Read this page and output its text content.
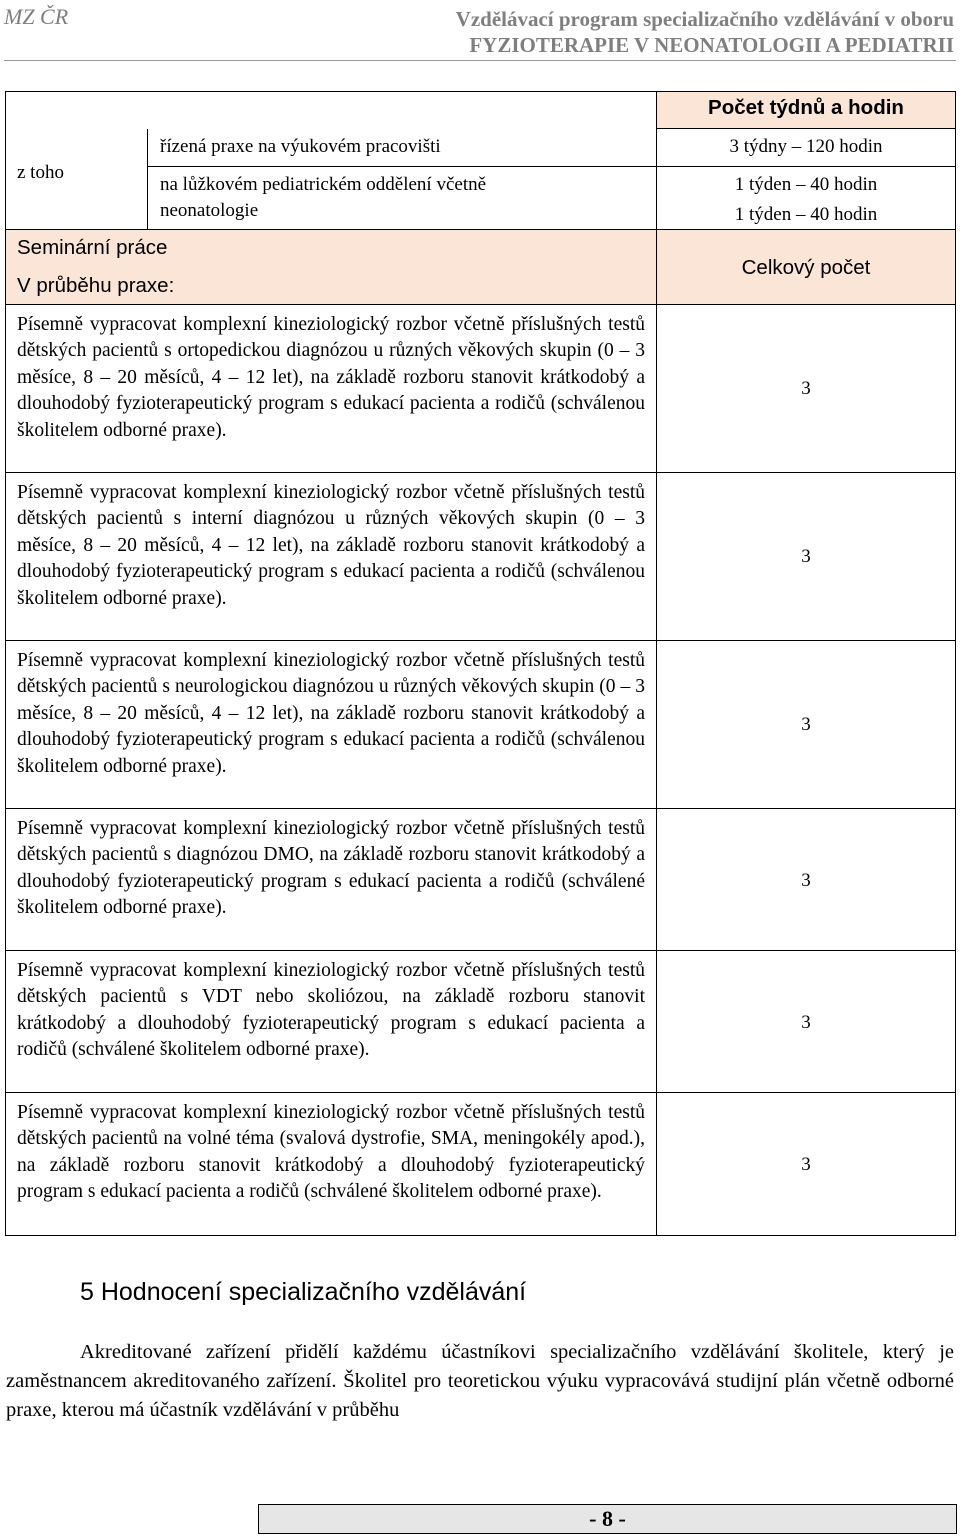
MZ ČR	Vzdělávací program specializačního vzdělávání v oboru
FYZIOTERAPIE V NEONATOLOGII A PEDIATRII
Počet týdnů a hodin
z toho
řízená praxe na výukovém pracovišti	3 týdny – 120 hodin
na lůžkovém pediatrickém oddělení včetně neonatologie
1 týden – 40 hodin
1 týden – 40 hodin
Seminární práce
V průběhu praxe:
Celkový počet
Písemně vypracovat komplexní kineziologický rozbor včetně příslušných testů dětských pacientů s ortopedickou diagnózou u různých věkových skupin (0 – 3 měsíce, 8 – 20 měsíců, 4 – 12 let), na základě rozboru stanovit krátkodobý a dlouhodobý fyzioterapeutický program s edukací pacienta a rodičů (schválenou školitelem odborné praxe).
3
Písemně vypracovat komplexní kineziologický rozbor včetně příslušných testů dětských pacientů s interní diagnózou u různých věkových skupin (0 – 3 měsíce, 8 – 20 měsíců, 4 – 12 let), na základě rozboru stanovit krátkodobý a dlouhodobý fyzioterapeutický program s edukací pacienta a rodičů (schválenou školitelem odborné praxe).
3
Písemně vypracovat komplexní kineziologický rozbor včetně příslušných testů dětských pacientů s neurologickou diagnózou u různých věkových skupin (0 – 3 měsíce, 8 – 20 měsíců, 4 – 12 let), na základě rozboru stanovit krátkodobý a dlouhodobý fyzioterapeutický program s edukací pacienta a rodičů (schválenou školitelem odborné praxe).
3
Písemně vypracovat komplexní kineziologický rozbor včetně příslušných testů dětských pacientů s diagnózou DMO, na základě rozboru stanovit krátkodobý a dlouhodobý fyzioterapeutický program s edukací pacienta a rodičů (schválené školitelem odborné praxe).
3
Písemně vypracovat komplexní kineziologický rozbor včetně příslušných testů dětských pacientů s VDT nebo skoliózou, na základě rozboru stanovit krátkodobý a dlouhodobý fyzioterapeutický program s edukací pacienta a rodičů (schválené školitelem odborné praxe).
3
Písemně vypracovat komplexní kineziologický rozbor včetně příslušných testů dětských pacientů na volné téma (svalová dystrofie, SMA, meningokély apod.), na základě rozboru stanovit krátkodobý a dlouhodobý fyzioterapeutický program s edukací pacienta a rodičů (schválené školitelem odborné praxe).
3
5 Hodnocení specializačního vzdělávání
Akreditované zařízení přidělí každému účastníkovi specializačního vzdělávání školitele, který je zaměstnancem akreditovaného zařízení. Školitel pro teoretickou výuku vypracovává studijní plán včetně odborné praxe, kterou má účastník vzdělávání v průběhu
- 8 -
